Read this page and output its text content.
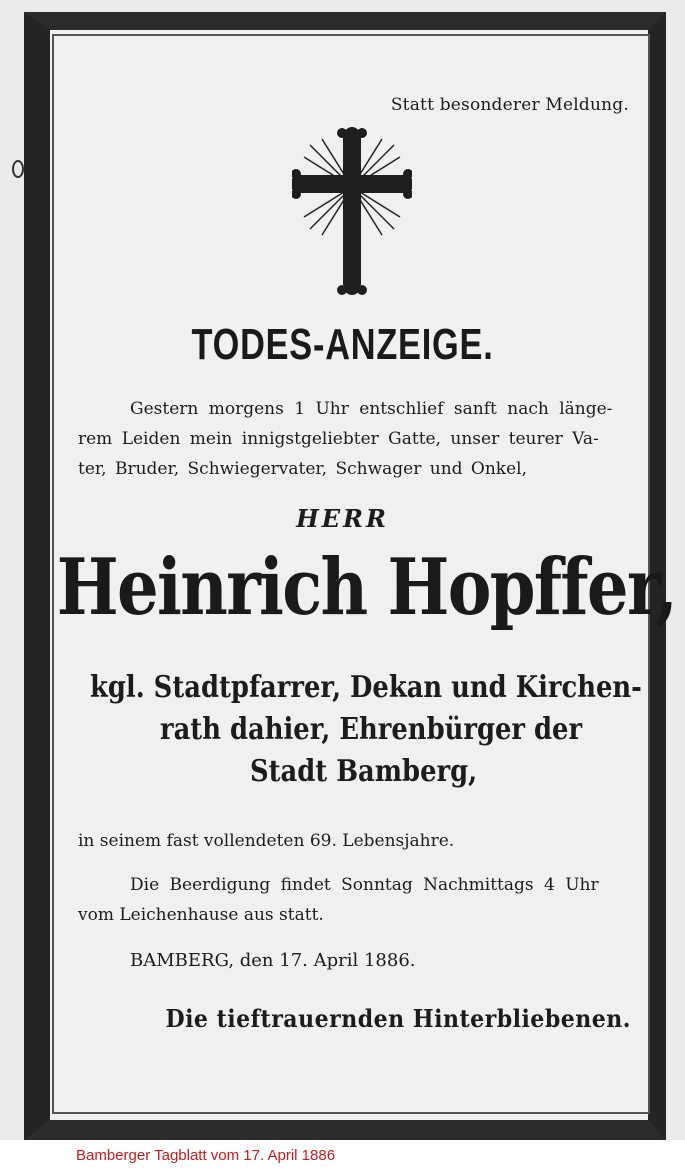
Statt besonderer Meldung.
TODES-ANZEIGE.
Gestern morgens 1 Uhr entschlief sanft nach länge-
rem Leiden mein innigstgeliebter Gatte, unser teurer Va-
ter, Bruder, Schwiegervater, Schwager und Onkel,
HERR
Heinrich Hopffer,
kgl. Stadtpfarrer, Dekan und Kirchen-
rath dahier, Ehrenbürger der
Stadt Bamberg,
in seinem fast vollendeten 69. Lebensjahre.
Die Beerdigung findet Sonntag Nachmittags 4 Uhr
vom Leichenhause aus statt.
BAMBERG, den 17. April 1886.
Die tieftrauernden Hinterbliebenen.
Bamberger Tagblatt vom 17. April 1886
